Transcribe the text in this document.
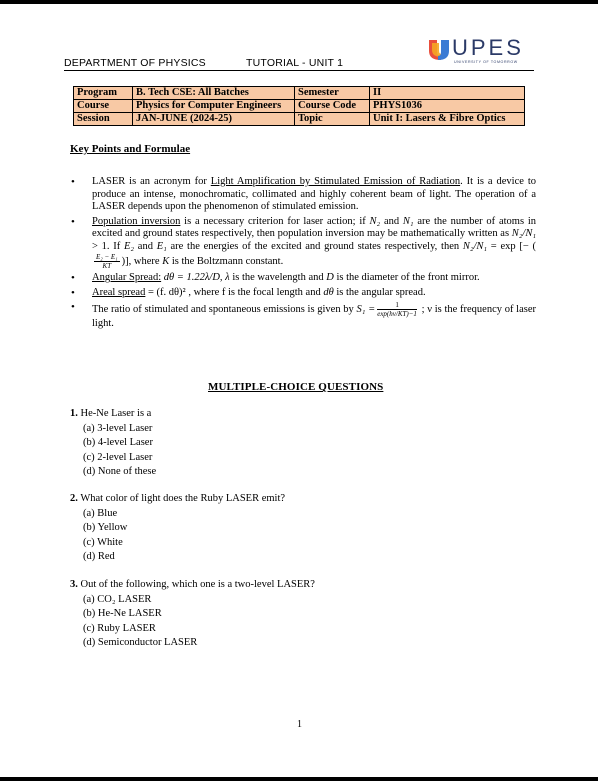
DEPARTMENT OF PHYSICS	TUTORIAL - UNIT 1
UPES
UNIVERSITY OF TOMORROW
Program	B. Tech CSE: All Batches	Semester	II
Course	Physics for Computer Engineers	Course Code	PHYS1036
Session	JAN-JUNE (2024-25)	Topic	Unit I: Lasers & Fibre Optics
Key Points and Formulae
• LASER is an acronym for Light Amplification by Stimulated Emission of Radiation. It is a device to produce an intense, monochromatic, collimated and highly coherent beam of light. The operation of a LASER depends upon the phenomenon of stimulated emission.
• Population inversion is a necessary criterion for laser action; if N₂ and N₁ are the number of atoms in excited and ground states respectively, then population inversion may be mathematically written as N₂/N₁ > 1. If E₂ and E₁ are the energies of the excited and ground states respectively, then N₂/N₁ = exp [− (
$\frac{\text{E₂ − E₁}}{KT}$ )], where K is the Boltzmann constant.
• Angular Spread: dθ = 1.22λ/D, λ is the wavelength and D is the diameter of the front mirror.
• Areal spread = (f. dθ)² , where f is the focal length and dθ is the angular spread.
• The ratio of stimulated and spontaneous emissions is given by $S_1 = \frac{1}{\exp(h\nu/KT)-1}$ ; ν is the frequency of laser light.
MULTIPLE-CHOICE QUESTIONS

1. He-Ne Laser is a

(a) 3-level Laser

(b) 4-level Laser

(c) 2-level Laser

(d) None of these

2. What color of light does the Ruby LASER emit?

(a) Blue

(b) Yellow

(c) White

(d) Red

3. Out of the following, which one is a two-level LASER?

(a) CO₂ LASER

(b) He-Ne LASER

(c) Ruby LASER

(d) Semiconductor LASER

1
